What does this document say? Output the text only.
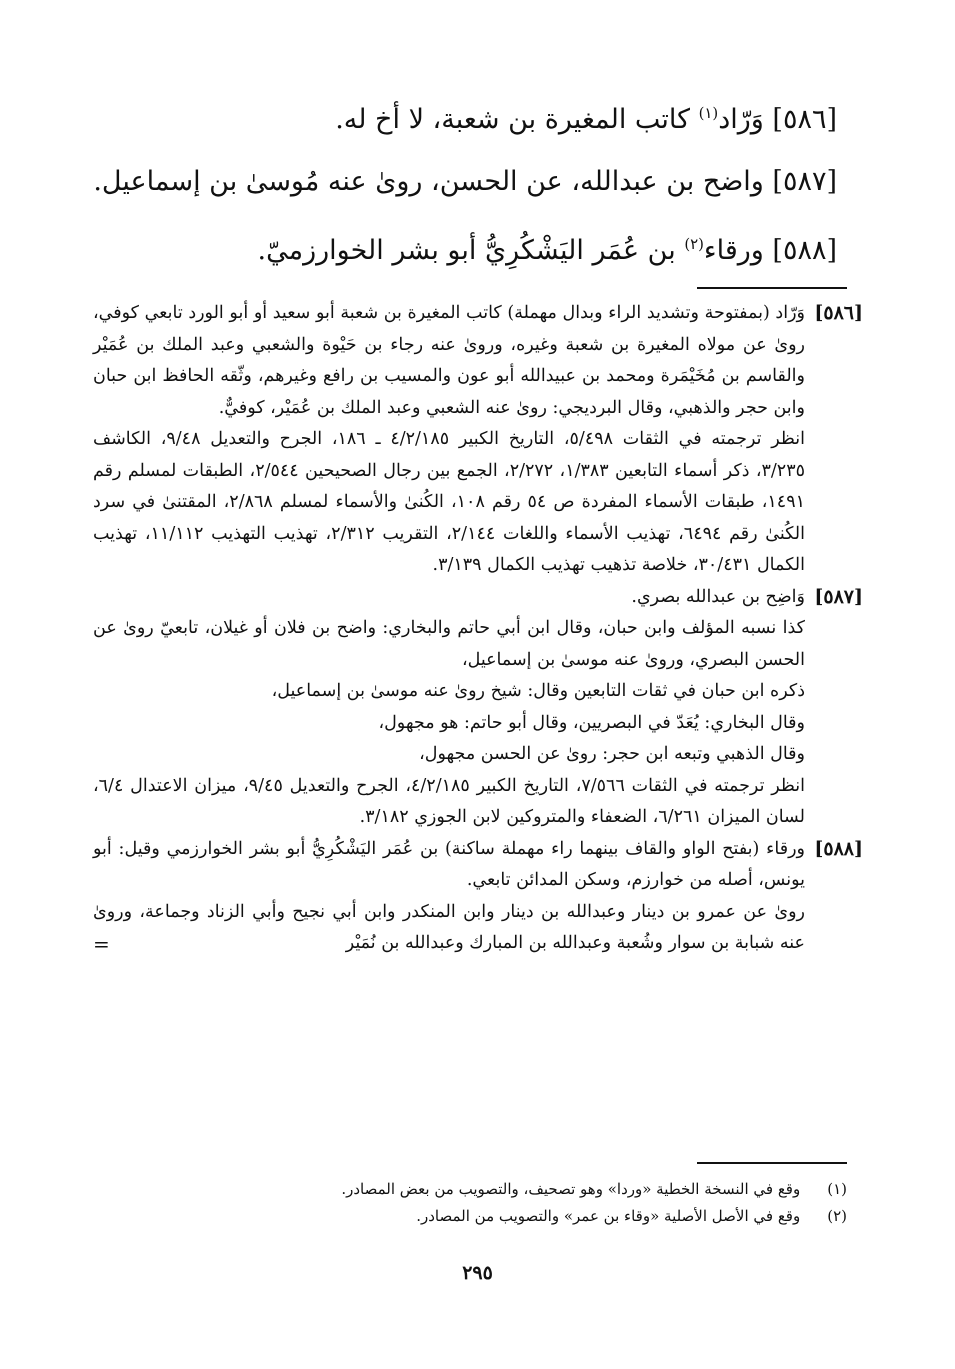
[٥٨٦] وَرّاد$^{(١)}$ كاتب المغيرة بن شعبة، لا أخ له.
[٥٨٧] واضح بن عبدالله، عن الحسن، روىٰ عنه مُوسىٰ بن إسماعيل.
[٥٨٨] ورقاء$^{(٢)}$ بن عُمَر اليَشْكُرِيُّ أبو بشر الخوارزميّ.
[٥٨٦]

وَرّاد (بمفتوحة وتشديد الراء وبدال مهملة) كاتب المغيرة بن شعبة أبو سعيد أو أبو الورد تابعي كوفي، روىٰ عن مولاه المغيرة بن شعبة وغيره، وروىٰ عنه رجاء بن حَيْوة والشعبي وعبد الملك بن عُمَيْر والقاسم بن مُخَيْمَرة ومحمد بن عبيدالله أبو عون والمسيب بن رافع وغيرهم، وثّقه الحافظ ابن حبان وابن حجر والذهبي، وقال البرديجي: روىٰ عنه الشعبي وعبد الملك بن عُمَيْر، كوفيٌّ.

انظر ترجمته في الثقات ٥/٤٩٨، التاريخ الكبير ٤/٢/١٨٥ ـ ١٨٦، الجرح والتعديل ٩/٤٨، الكاشف ٣/٢٣٥، ذكر أسماء التابعين ١/٣٨٣، ٢/٢٧٢، الجمع بين رجال الصحيحين ٢/٥٤٤، الطبقات لمسلم رقم ١٤٩١، طبقات الأسماء المفردة ص ٥٤ رقم ١٠٨، الكُنىٰ والأسماء لمسلم ٢/٨٦٨، المقتنىٰ في سرد الكُنىٰ رقم ٦٤٩٤، تهذيب الأسماء واللغات ٢/١٤٤، التقريب ٢/٣١٢، تهذيب التهذيب ١١/١١٢، تهذيب الكمال ٣٠/٤٣١، خلاصة تذهيب تهذيب الكمال ٣/١٣٩.

[٥٨٧]

وَاضِح بن عبدالله بصري.

كذا نسبه المؤلف وابن حبان، وقال ابن أبي حاتم والبخاري: واضح بن فلان أو غيلان، تابعيّ روىٰ عن الحسن البصري، وروىٰ عنه موسىٰ بن إسماعيل،

ذكره ابن حبان في ثقات التابعين وقال: شيخ روىٰ عنه موسىٰ بن إسماعيل،

وقال البخاري: يُعَدّ في البصريين، وقال أبو حاتم: هو مجهول،

وقال الذهبي وتبعه ابن حجر: روىٰ عن الحسن مجهول،

انظر ترجمته في الثقات ٧/٥٦٦، التاريخ الكبير ٤/٢/١٨٥، الجرح والتعديل ٩/٤٥، ميزان الاعتدال ٦/٤، لسان الميزان ٦/٢٦١، الضعفاء والمتروكين لابن الجوزي ٣/١٨٢.

[٥٨٨]

ورقاء (بفتح الواو والقاف بينهما راء مهملة ساكنة) بن عُمَر اليَشْكُرِيُّ أبو بشر الخوارزمي وقيل: أبو يونس، أصله من خوارزم، وسكن المدائن تابعي.

روىٰ عن عمرو بن دينار وعبدالله بن دينار وابن المنكدر وابن أبي نجيح وأبي الزناد وجماعة، وروىٰ عنه شبابة بن سوار وشُعبة وعبدالله بن المبارك وعبدالله بن نُمَيْر

=
(١) وقع في النسخة الخطية «وردا» وهو تصحيف، والتصويب من بعض المصادر.
(٢) وقع في الأصل الأصلية «وقاء بن عمر» والتصويب من المصادر.
٢٩٥
